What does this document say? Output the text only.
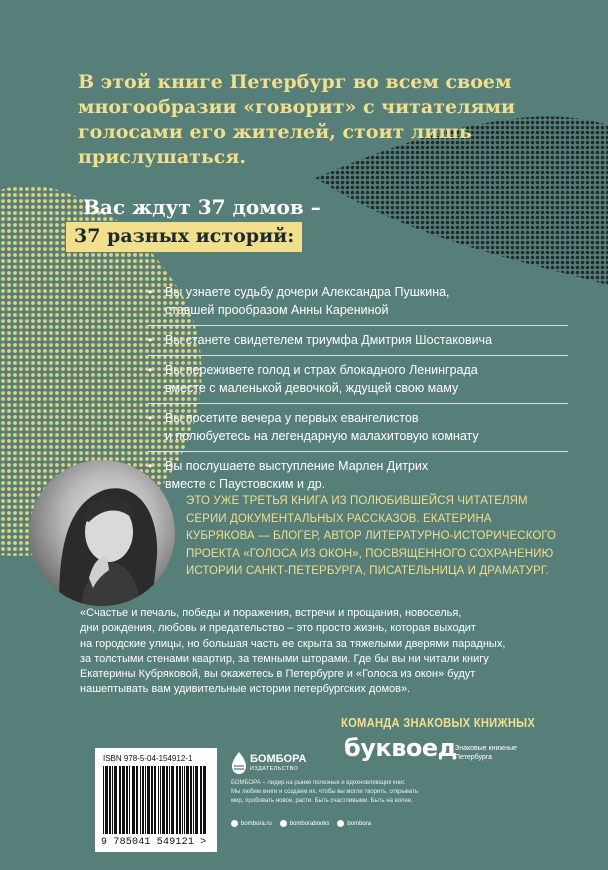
В этой книге Петербург во всем своем
многообразии «говорит» с читателями
голосами его жителей, стоит лишь
прислушаться.
Вас ждут 37 домов –
37 разных историй:
• Вы узнаете судьбу дочери Александра Пушкина,
ставшей прообразом Анны Карениной
• Вы станете свидетелем триумфа Дмитрия Шостаковича
• Вы переживете голод и страх блокадного Ленинграда
вместе с маленькой девочкой, ждущей свою маму
• Вы посетите вечера у первых евангелистов
и полюбуетесь на легендарную малахитовую комнату
• Вы послушаете выступление Марлен Дитрих
вместе с Паустовским и др.
ЭТО УЖЕ ТРЕТЬЯ КНИГА ИЗ ПОЛЮБИВШЕЙСЯ ЧИТАТЕЛЯМ
СЕРИИ ДОКУМЕНТАЛЬНЫХ РАССКАЗОВ. ЕКАТЕРИНА
КУБРЯКОВА — БЛОГЕР, АВТОР ЛИТЕРАТУРНО-ИСТОРИЧЕСКОГО
ПРОЕКТА «ГОЛОСА ИЗ ОКОН», ПОСВЯЩЕННОГО СОХРАНЕНИЮ
ИСТОРИИ САНКТ-ПЕТЕРБУРГА, ПИСАТЕЛЬНИЦА И ДРАМАТУРГ.
«Счастье и печаль, победы и поражения, встречи и прощания, новоселья,
дни рождения, любовь и предательство – это просто жизнь, которая выходит
на городские улицы, но большая часть ее скрыта за тяжелыми дверями парадных,
за толстыми стенами квартир, за темными шторами. Где бы вы ни читали книгу
Екатерины Кубряковой, вы окажетесь в Петербурге и «Голоса из окон» будут
нашептывать вам удивительные истории петербургских домов».
КОМАНДА ЗНАКОВЫХ КНИЖНЫХ
буквоед
Знаковые книжные
Петербурга
ISBN 978-5-04-154912-1
9 785041 549121 >
БОМБОРА
ИЗДАТЕЛЬСТВО
БОМБОРА – лидер на рынке полезных и вдохновляющих книг.
Мы любим книги и создаем их, чтобы вы могли творить, открывать
мир, пробовать новое, расти. Быть счастливыми. Быть на волне.
bombora.ru	bomborabooks	bombora
